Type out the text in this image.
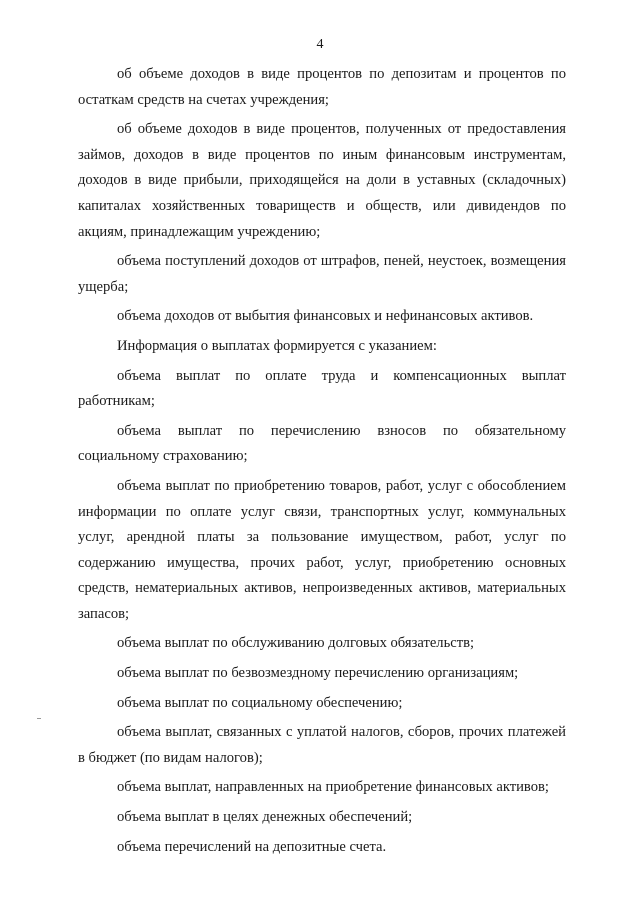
4

об объеме доходов в виде процентов по депозитам и процентов по остаткам средств на счетах учреждения;

об объеме доходов в виде процентов, полученных от предоставления займов, доходов в виде процентов по иным финансовым инструментам, доходов в виде прибыли, приходящейся на доли в уставных (складочных) капиталах хозяйственных товариществ и обществ, или дивидендов по акциям, принадлежащим учреждению;

объема поступлений доходов от штрафов, пеней, неустоек, возмещения ущерба;

объема доходов от выбытия финансовых и нефинансовых активов.

Информация о выплатах формируется с указанием:

объема выплат по оплате труда и компенсационных выплат работникам;

объема выплат по перечислению взносов по обязательному социальному страхованию;

объема выплат по приобретению товаров, работ, услуг с обособлением информации по оплате услуг связи, транспортных услуг, коммунальных услуг, арендной платы за пользование имуществом, работ, услуг по содержанию имущества, прочих работ, услуг, приобретению основных средств, нематериальных активов, непроизведенных активов, материальных запасов;

объема выплат по обслуживанию долговых обязательств;

объема выплат по безвозмездному перечислению организациям;

объема выплат по социальному обеспечению;

объема выплат, связанных с уплатой налогов, сборов, прочих платежей в бюджет (по видам налогов);

объема выплат, направленных на приобретение финансовых активов;

объема выплат в целях денежных обеспечений;

объема перечислений на депозитные счета.
